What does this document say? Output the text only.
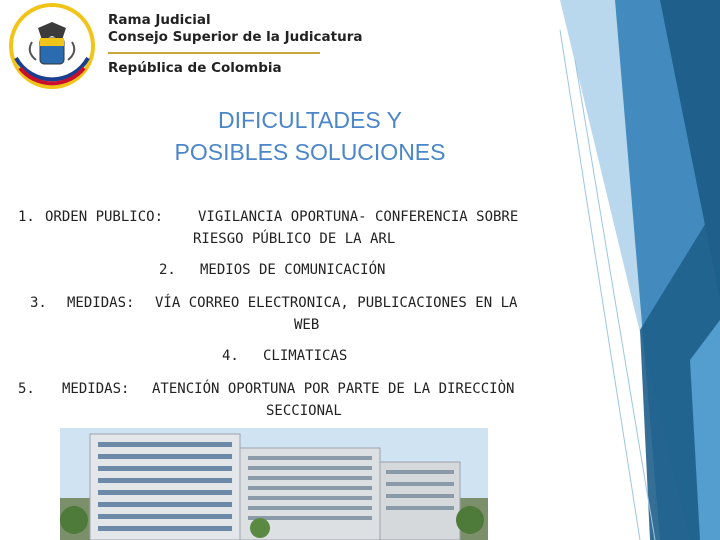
Rama Judicial
Consejo Superior de la Judicatura
República de Colombia
DIFICULTADES Y
POSIBLES SOLUCIONES
1. ORDEN PUBLICO: VIGILANCIA OPORTUNA- CONFERENCIA SOBRE
RIESGO PÚBLICO DE LA ARL
2. MEDIOS DE COMUNICACIÓN
3. MEDIDAS: VÍA CORREO ELECTRONICA, PUBLICACIONES EN LA
WEB
4. CLIMATICAS
5. MEDIDAS: ATENCIÓN OPORTUNA POR PARTE DE LA DIRECCIÒN
SECCIONAL
